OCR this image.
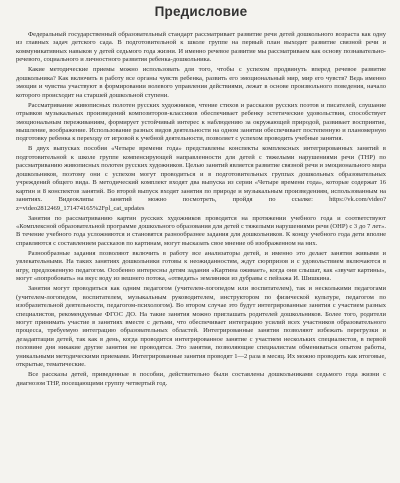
Предисловие

Федеральный государственный образовательный стандарт рассматривает развитие речи детей дошкольного возраста как одну из главных задач детского сада. В подготовительной к школе группе на первый план выходит развитие связной речи и коммуникативных навыков у детей седьмого года жизни. И именно речевое развитие мы рассматриваем как основу познавательно-речевого, социального и личностного развития ребенка-дошкольника.

Какие методические приемы можно использовать для того, чтобы с успехом продвинуть вперед речевое развитие дошкольника? Как включить в работу все органы чувств ребенка, развить его эмоциональный мир, мир его чувств? Ведь именно эмоции и чувства участвуют в формировании волевого управления действиями, лежат в основе произвольного поведения, начало которого происходит на старшей дошкольной ступени.

Рассматривание живописных полотен русских художников, чтение стихов и рассказов русских поэтов и писателей, слушание отрывков музыкальных произведений композиторов-классиков обеспечивает ребенку эстетические удовольствия, способствует эмоциональным переживаниям, формирует устойчивый интерес к наблюдению за окружающей природой, развивает восприятие, мышление, воображение. Использование разных видов деятельности на одном занятии обеспечивает постепенную и планомерную подготовку ребенка к переходу от игровой к учебной деятельности, позволяет с успехом проводить учебные занятия.

В двух выпусках пособия «Четыре времени года» представлены конспекты комплексных интегрированных занятий в подготовительной к школе группе компенсирующей направленности для детей с тяжелыми нарушениями речи (ТНР) по рассматриванию живописных полотен русских художников. Целью занятий является развитие связной речи и эмоционального мира дошкольников, поэтому они с успехом могут проводиться и в подготовительных группах дошкольных образовательных учреждений общего вида. В методический комплект входят два выпуска из серии «Четыре времени года», которые содержат 16 картин и 8 конспектов занятий. Во второй выпуск входят занятия по природе и музыкальным произведениям, использованным на занятиях. Видеоклипы занятий можно посмотреть, пройдя по ссылке: https://vk.com/video?z=video2812469_171474165%2Fpl_cat_updates

Занятия по рассматриванию картин русских художников проводятся на протяжении учебного года и соответствуют «Комплексной образовательной программе дошкольного образования для детей с тяжелыми нарушениями речи (ОНР) с 3 до 7 лет». В течение учебного года усложняются и становятся разнообразнее задания для дошкольников. К концу учебного года дети вполне справляются с составлением рассказов по картинам, могут высказать свое мнение об изображенном на них.

Разнообразные задания позволяют включить в работу все анализаторы детей, и именно это делает занятия живыми и увлекательными. На таких занятиях дошкольники готовы к неожиданностям, ждут сюрпризов и с удовольствием включаются в игру, предложенную педагогом. Особенно интересны детям задания «Картина оживает», когда они слышат, как «звучат картины», могут «попробовать» на вкус воду из вешнего потока, «отведать» земляники из дубравы с пейзажа И. Шишкина.

Занятия могут проводиться как одним педагогом (учителем-логопедом или воспитателем), так и несколькими педагогами (учителем-логопедом, воспитателем, музыкальным руководителем, инструктором по физической культуре, педагогом по изобразительной деятельности, педагогом-психологом). Во втором случае это будут интегрированные занятия с участием разных специалистов, рекомендуемые ФГОС ДО. На такие занятия можно приглашать родителей дошкольников. Более того, родители могут принимать участие в занятиях вместе с детьми, что обеспечивает интеграцию усилий всех участников образовательного процесса, требуемую интеграцию образовательных областей. Интегрированные занятия позволяют избежать перегрузки и дезадаптации детей, так как в день, когда проводится интегрированное занятие с участием нескольких специалистов, в первой половине дня никакие другие занятия не проводятся. Это занятия, позволяющие специалистам обмениваться опытом работы, уникальными методическими приемами. Интегрированные занятия проводят 1—2 раза в месяц. Их можно проводить как итоговые, открытые, тематические.

Все рассказы детей, приведенные в пособии, действительно были составлены дошкольниками седьмого года жизни с диагнозом ТНР, посещающими группу четвертый год.
